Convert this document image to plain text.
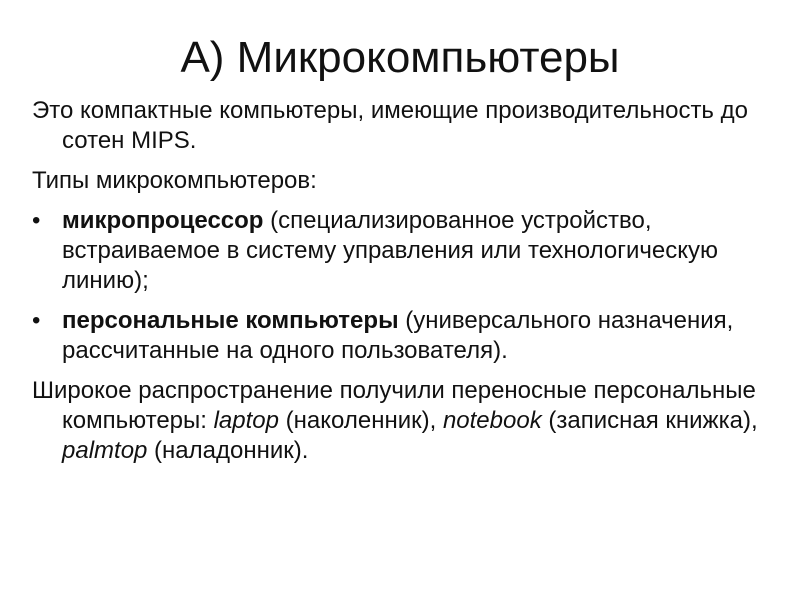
А) Микрокомпьютеры

Это компактные компьютеры, имеющие производительность до сотен MIPS.

Типы микрокомпьютеров:

• микропроцессор (специализированное устройство, встраиваемое в систему управления или технологическую линию);
• персональные компьютеры (универсального назначения, рассчитанные на одного пользователя).

Широкое распространение получили переносные персональные компьютеры: laptop (наколенник), notebook (записная книжка), palmtop (наладонник).
